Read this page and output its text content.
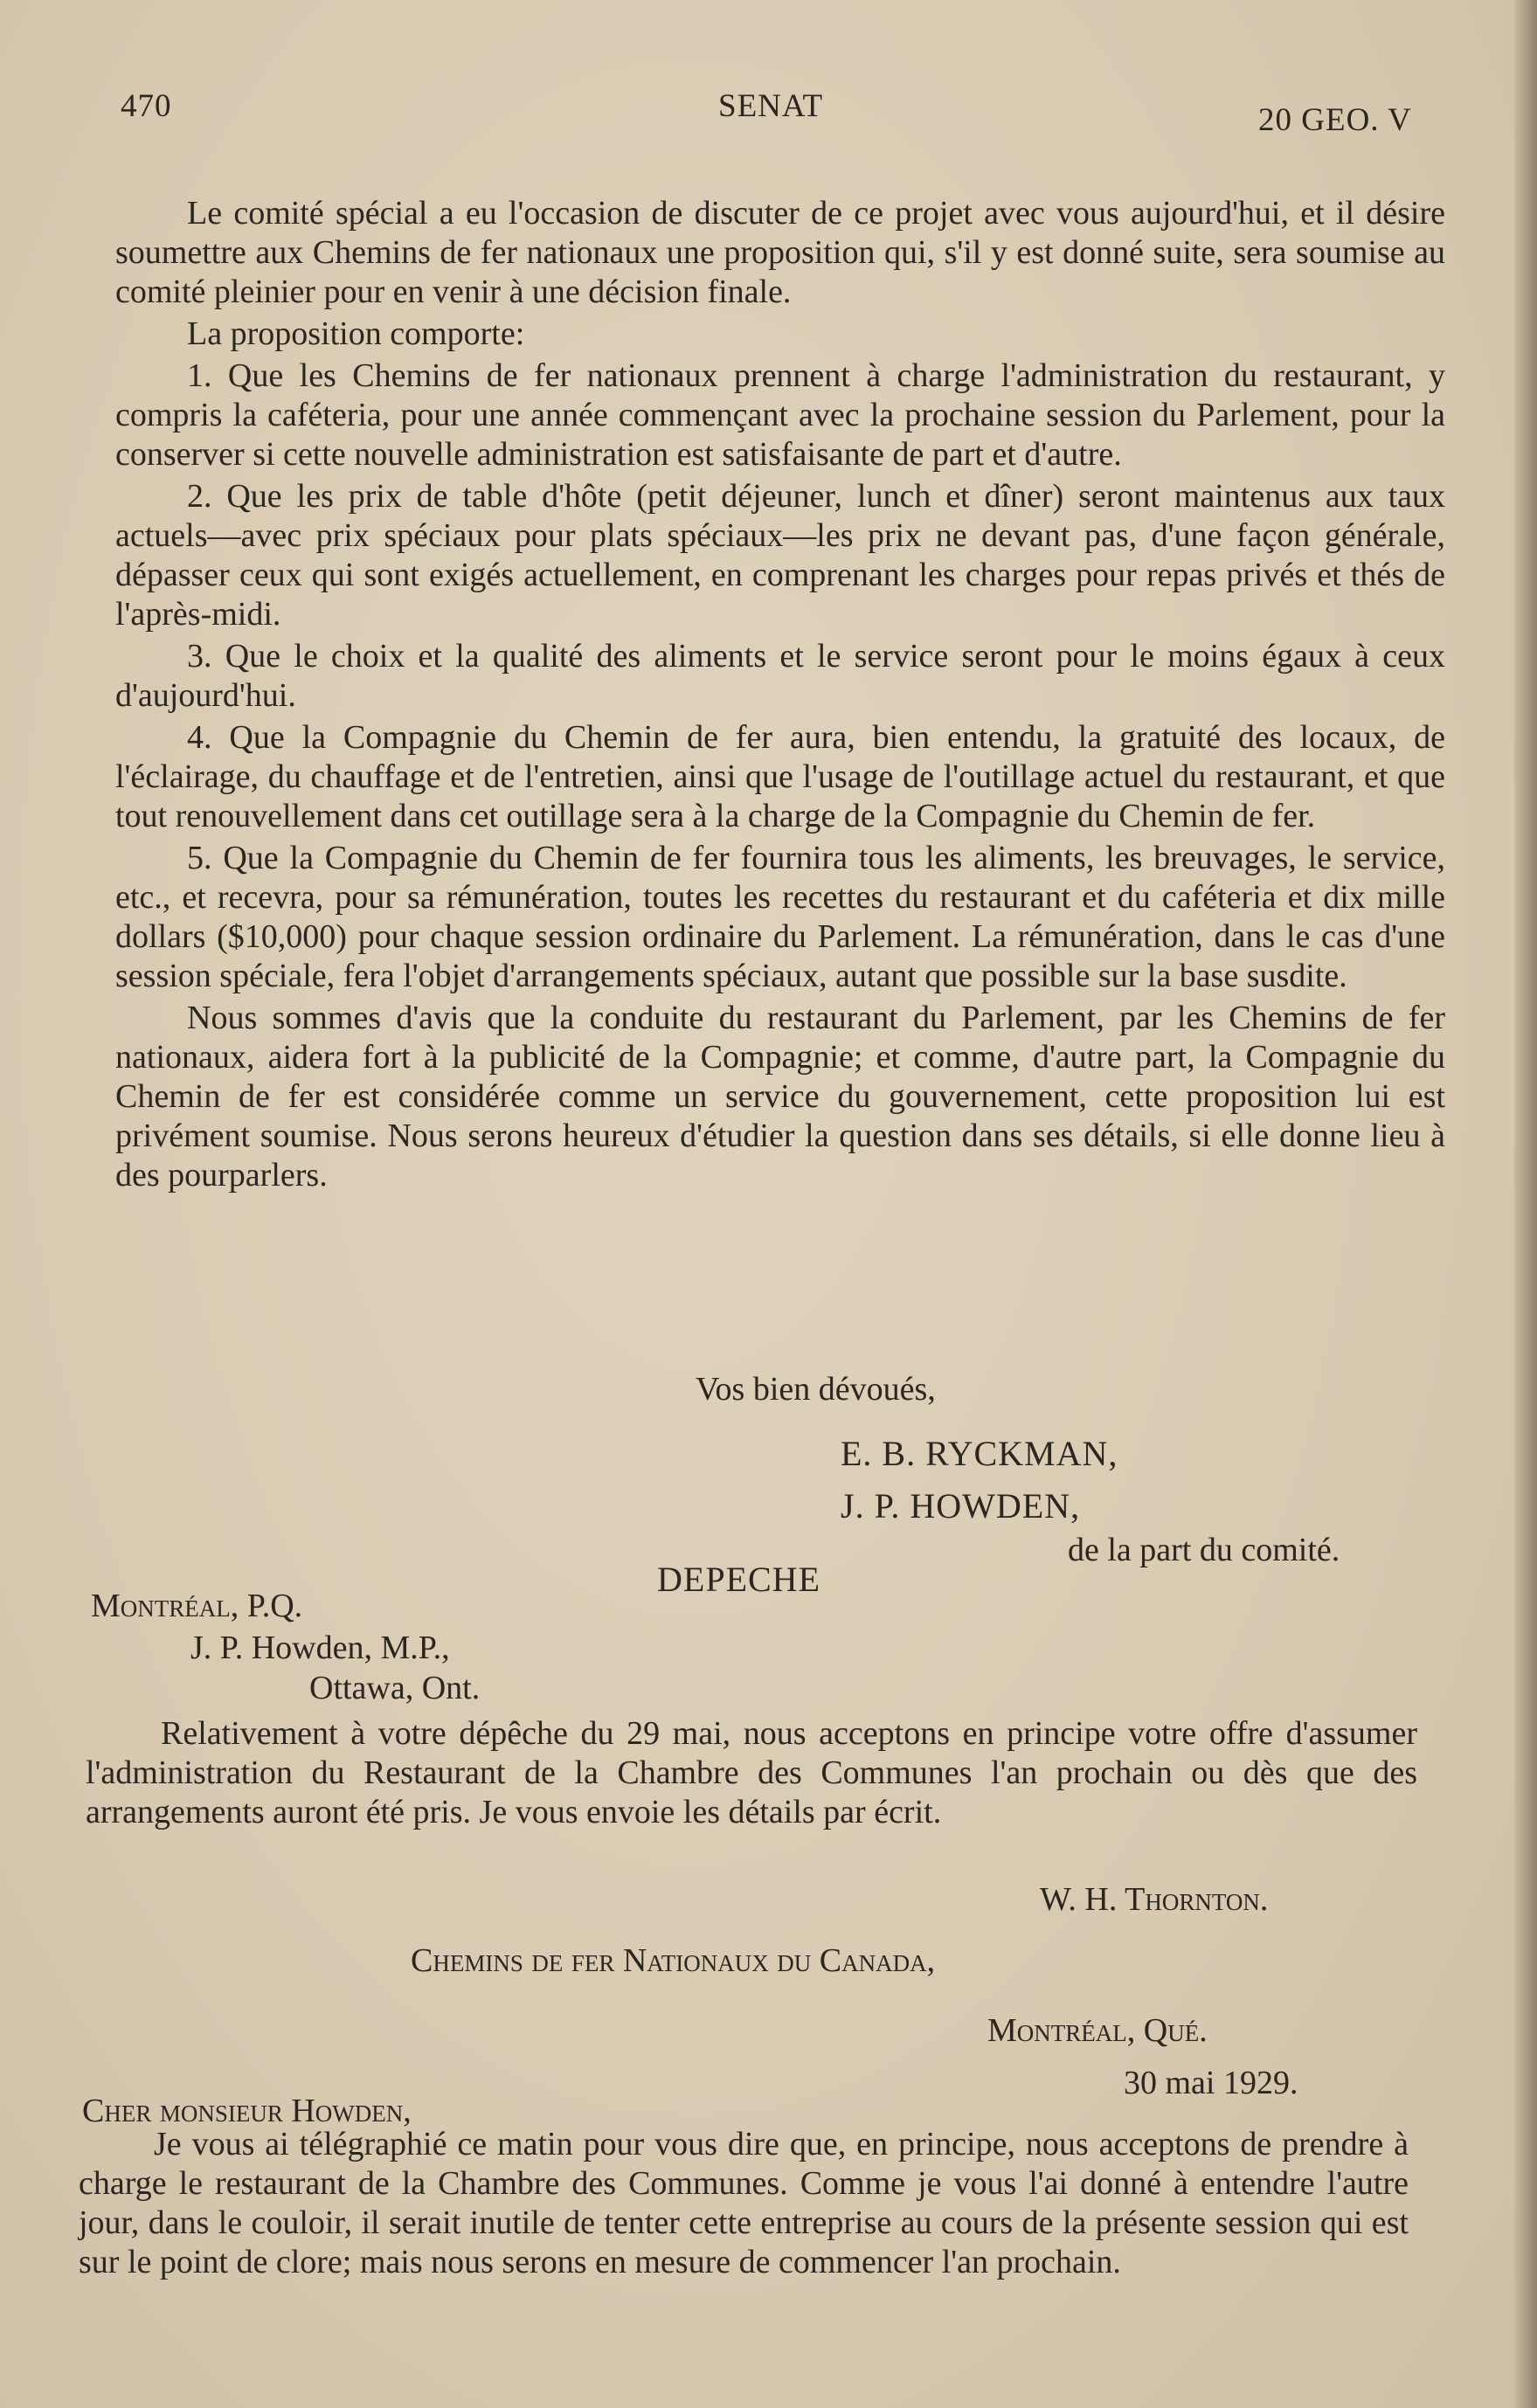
470	SENAT	20 GEO. V

Le comité spécial a eu l'occasion de discuter de ce projet avec vous aujourd'hui, et il désire soumettre aux Chemins de fer nationaux une proposition qui, s'il y est donné suite, sera soumise au comité pleinier pour en venir à une décision finale.

La proposition comporte:

1. Que les Chemins de fer nationaux prennent à charge l'administration du restaurant, y compris la caféteria, pour une année commençant avec la prochaine session du Parlement, pour la conserver si cette nouvelle administration est satisfaisante de part et d'autre.

2. Que les prix de table d'hôte (petit déjeuner, lunch et dîner) seront maintenus aux taux actuels—avec prix spéciaux pour plats spéciaux—les prix ne devant pas, d'une façon générale, dépasser ceux qui sont exigés actuellement, en comprenant les charges pour repas privés et thés de l'après-midi.

3. Que le choix et la qualité des aliments et le service seront pour le moins égaux à ceux d'aujourd'hui.

4. Que la Compagnie du Chemin de fer aura, bien entendu, la gratuité des locaux, de l'éclairage, du chauffage et de l'entretien, ainsi que l'usage de l'outillage actuel du restaurant, et que tout renouvellement dans cet outillage sera à la charge de la Compagnie du Chemin de fer.

5. Que la Compagnie du Chemin de fer fournira tous les aliments, les breuvages, le service, etc., et recevra, pour sa rémunération, toutes les recettes du restaurant et du caféteria et dix mille dollars ($10,000) pour chaque session ordinaire du Parlement. La rémunération, dans le cas d'une session spéciale, fera l'objet d'arrangements spéciaux, autant que possible sur la base susdite.

Nous sommes d'avis que la conduite du restaurant du Parlement, par les Chemins de fer nationaux, aidera fort à la publicité de la Compagnie; et comme, d'autre part, la Compagnie du Chemin de fer est considérée comme un service du gouvernement, cette proposition lui est privément soumise. Nous serons heureux d'étudier la question dans ses détails, si elle donne lieu à des pourparlers.

Vos bien dévoués,
E. B. RYCKMAN,
J. P. HOWDEN,
de la part du comité.
DEPECHE
Montréal, P.Q.
J. P. Howden, M.P.,
Ottawa, Ont.

Relativement à votre dépêche du 29 mai, nous acceptons en principe votre offre d'assumer l'administration du Restaurant de la Chambre des Communes l'an prochain ou dès que des arrangements auront été pris. Je vous envoie les détails par écrit.

W. H. Thornton.
Chemins de fer Nationaux du Canada,
Montréal, Qué.
30 mai 1929.
Cher monsieur Howden,

Je vous ai télégraphié ce matin pour vous dire que, en principe, nous acceptons de prendre à charge le restaurant de la Chambre des Communes. Comme je vous l'ai donné à entendre l'autre jour, dans le couloir, il serait inutile de tenter cette entreprise au cours de la présente session qui est sur le point de clore; mais nous serons en mesure de commencer l'an prochain.
